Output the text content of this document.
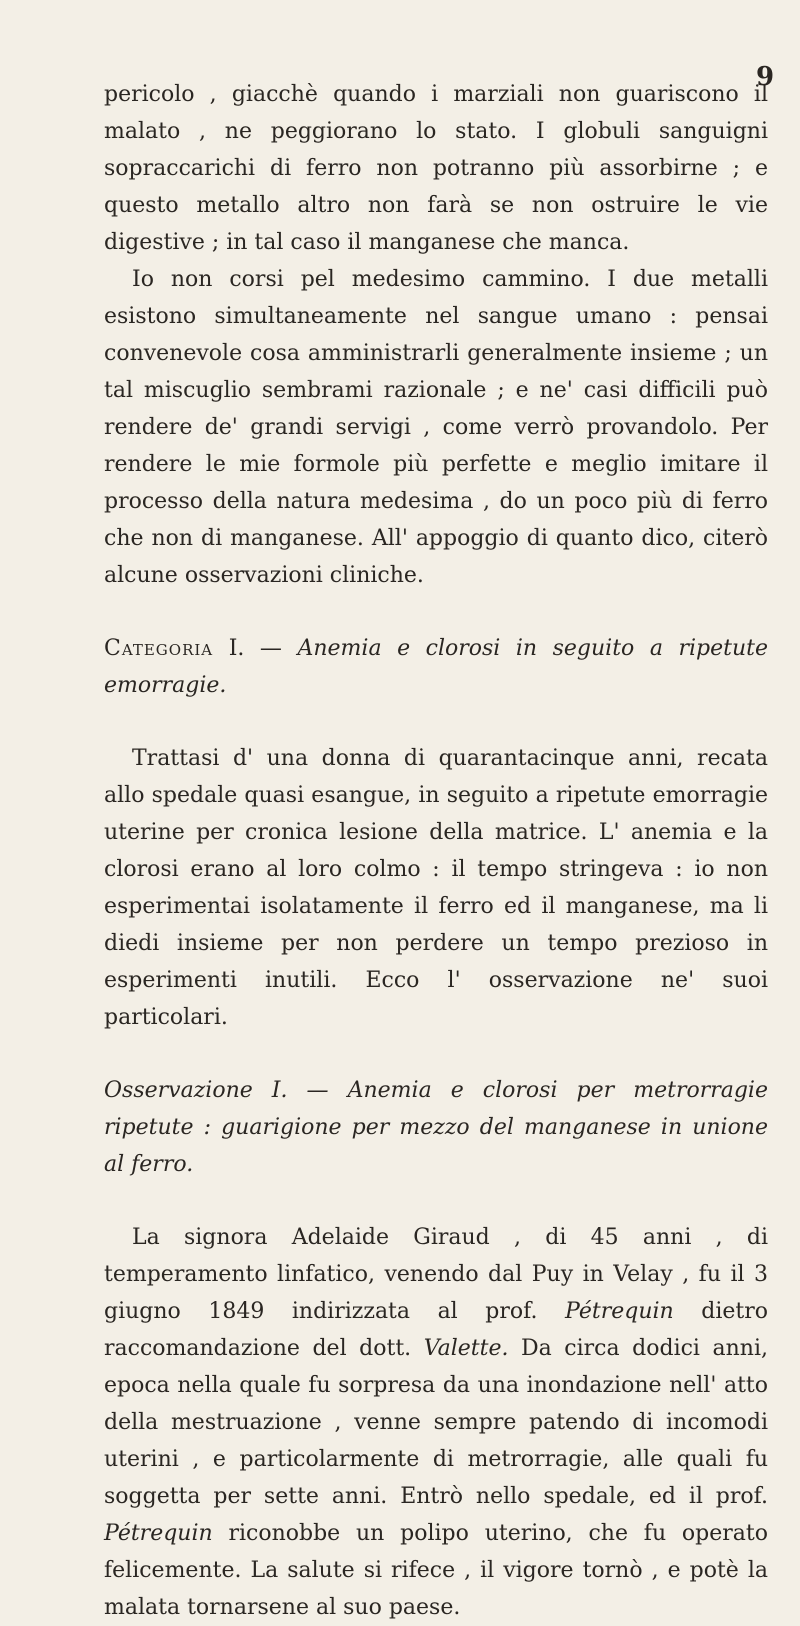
9

pericolo , giacchè quando i marziali non guariscono il malato , ne peggiorano lo stato. I globuli sanguigni sopraccarichi di ferro non potranno più assorbirne ; e questo metallo altro non farà se non ostruire le vie digestive ; in tal caso il manganese che manca.

Io non corsi pel medesimo cammino. I due metalli esistono simultaneamente nel sangue umano : pensai convenevole cosa amministrarli generalmente insieme ; un tal miscuglio sembrami razionale ; e ne' casi difficili può rendere de' grandi servigi , come verrò provandolo. Per rendere le mie formole più perfette e meglio imitare il processo della natura medesima , do un poco più di ferro che non di manganese. All' appoggio di quanto dico, citerò alcune osservazioni cliniche.

Categoria I. — Anemia e clorosi in seguito a ripetute emorragie.

Trattasi d' una donna di quarantacinque anni, recata allo spedale quasi esangue, in seguito a ripetute emorragie uterine per cronica lesione della matrice. L' anemia e la clorosi erano al loro colmo : il tempo stringeva : io non esperimentai isolatamente il ferro ed il manganese, ma li diedi insieme per non perdere un tempo prezioso in esperimenti inutili. Ecco l' osservazione ne' suoi particolari.

Osservazione I. — Anemia e clorosi per metrorragie ripetute : guarigione per mezzo del manganese in unione al ferro.

La signora Adelaide Giraud , di 45 anni , di temperamento linfatico, venendo dal Puy in Velay , fu il 3 giugno 1849 indirizzata al prof. Pétrequin dietro raccomandazione del dott. Valette. Da circa dodici anni, epoca nella quale fu sorpresa da una inondazione nell' atto della mestruazione , venne sempre patendo di incomodi uterini , e particolarmente di metrorragie, alle quali fu soggetta per sette anni. Entrò nello spedale, ed il prof. Pétrequin riconobbe un polipo uterino, che fu operato felicemente. La salute si rifece , il vigore tornò , e potè la malata tornarsene al suo paese.
